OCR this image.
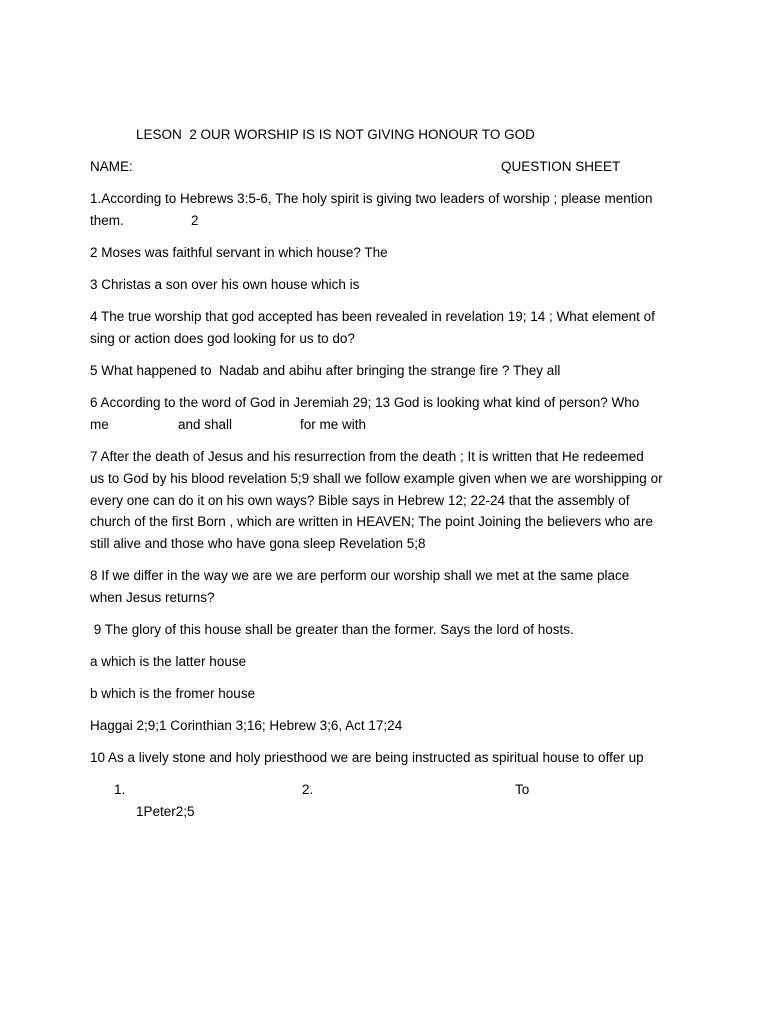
LESON  2 OUR WORSHIP IS IS NOT GIVING HONOUR TO GOD
NAME:	QUESTION SHEET
1.According to Hebrews 3:5-6, The holy spirit is giving two leaders of worship ; please mention
them.	2
2 Moses was faithful servant in which house? The
3 Christas a son over his own house which is
4 The true worship that god accepted has been revealed in revelation 19; 14 ; What element of
sing or action does god looking for us to do?
5 What happened to  Nadab and abihu after bringing the strange fire ? They all
6 According to the word of God in Jeremiah 29; 13 God is looking what kind of person? Who
me	and shall	for me with
7 After the death of Jesus and his resurrection from the death ; It is written that He redeemed
us to God by his blood revelation 5;9 shall we follow example given when we are worshipping or
every one can do it on his own ways? Bible says in Hebrew 12; 22-24 that the assembly of
church of the first Born , which are written in HEAVEN; The point Joining the believers who are
still alive and those who have gona sleep Revelation 5;8
8 If we differ in the way we are we are perform our worship shall we met at the same place
when Jesus returns?
9 The glory of this house shall be greater than the former. Says the lord of hosts.
a which is the latter house
b which is the fromer house
Haggai 2;9;1 Corinthian 3;16; Hebrew 3;6, Act 17;24
10 As a lively stone and holy priesthood we are being instructed as spiritual house to offer up
1.	2.	To
1Peter2;5
